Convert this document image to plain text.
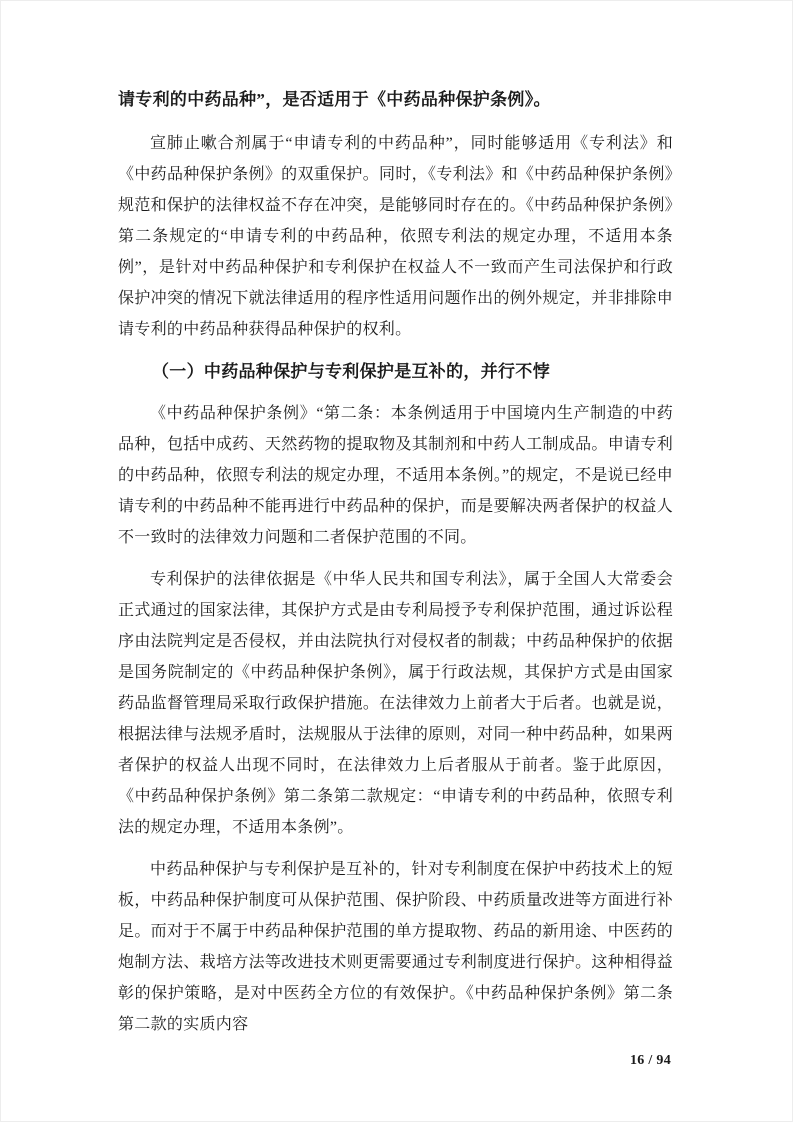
请专利的中药品种”，是否适用于《中药品种保护条例》。

宣肺止嗽合剂属于“申请专利的中药品种”，同时能够适用《专利法》和《中药品种保护条例》的双重保护。同时，《专利法》和《中药品种保护条例》规范和保护的法律权益不存在冲突，是能够同时存在的。《中药品种保护条例》第二条规定的“申请专利的中药品种，依照专利法的规定办理，不适用本条例”，是针对中药品种保护和专利保护在权益人不一致而产生司法保护和行政保护冲突的情况下就法律适用的程序性适用问题作出的例外规定，并非排除申请专利的中药品种获得品种保护的权利。

（一）中药品种保护与专利保护是互补的，并行不悖

《中药品种保护条例》“第二条：本条例适用于中国境内生产制造的中药品种，包括中成药、天然药物的提取物及其制剂和中药人工制成品。申请专利的中药品种，依照专利法的规定办理，不适用本条例。”的规定，不是说已经申请专利的中药品种不能再进行中药品种的保护，而是要解决两者保护的权益人不一致时的法律效力问题和二者保护范围的不同。

专利保护的法律依据是《中华人民共和国专利法》，属于全国人大常委会正式通过的国家法律，其保护方式是由专利局授予专利保护范围，通过诉讼程序由法院判定是否侵权，并由法院执行对侵权者的制裁；中药品种保护的依据是国务院制定的《中药品种保护条例》，属于行政法规，其保护方式是由国家药品监督管理局采取行政保护措施。在法律效力上前者大于后者。也就是说，根据法律与法规矛盾时，法规服从于法律的原则，对同一种中药品种，如果两者保护的权益人出现不同时，在法律效力上后者服从于前者。鉴于此原因，《中药品种保护条例》第二条第二款规定：“申请专利的中药品种，依照专利法的规定办理，不适用本条例”。

中药品种保护与专利保护是互补的，针对专利制度在保护中药技术上的短板，中药品种保护制度可从保护范围、保护阶段、中药质量改进等方面进行补足。而对于不属于中药品种保护范围的单方提取物、药品的新用途、中医药的炮制方法、栽培方法等改进技术则更需要通过专利制度进行保护。这种相得益彰的保护策略，是对中医药全方位的有效保护。《中药品种保护条例》第二条第二款的实质内容

16 / 94
